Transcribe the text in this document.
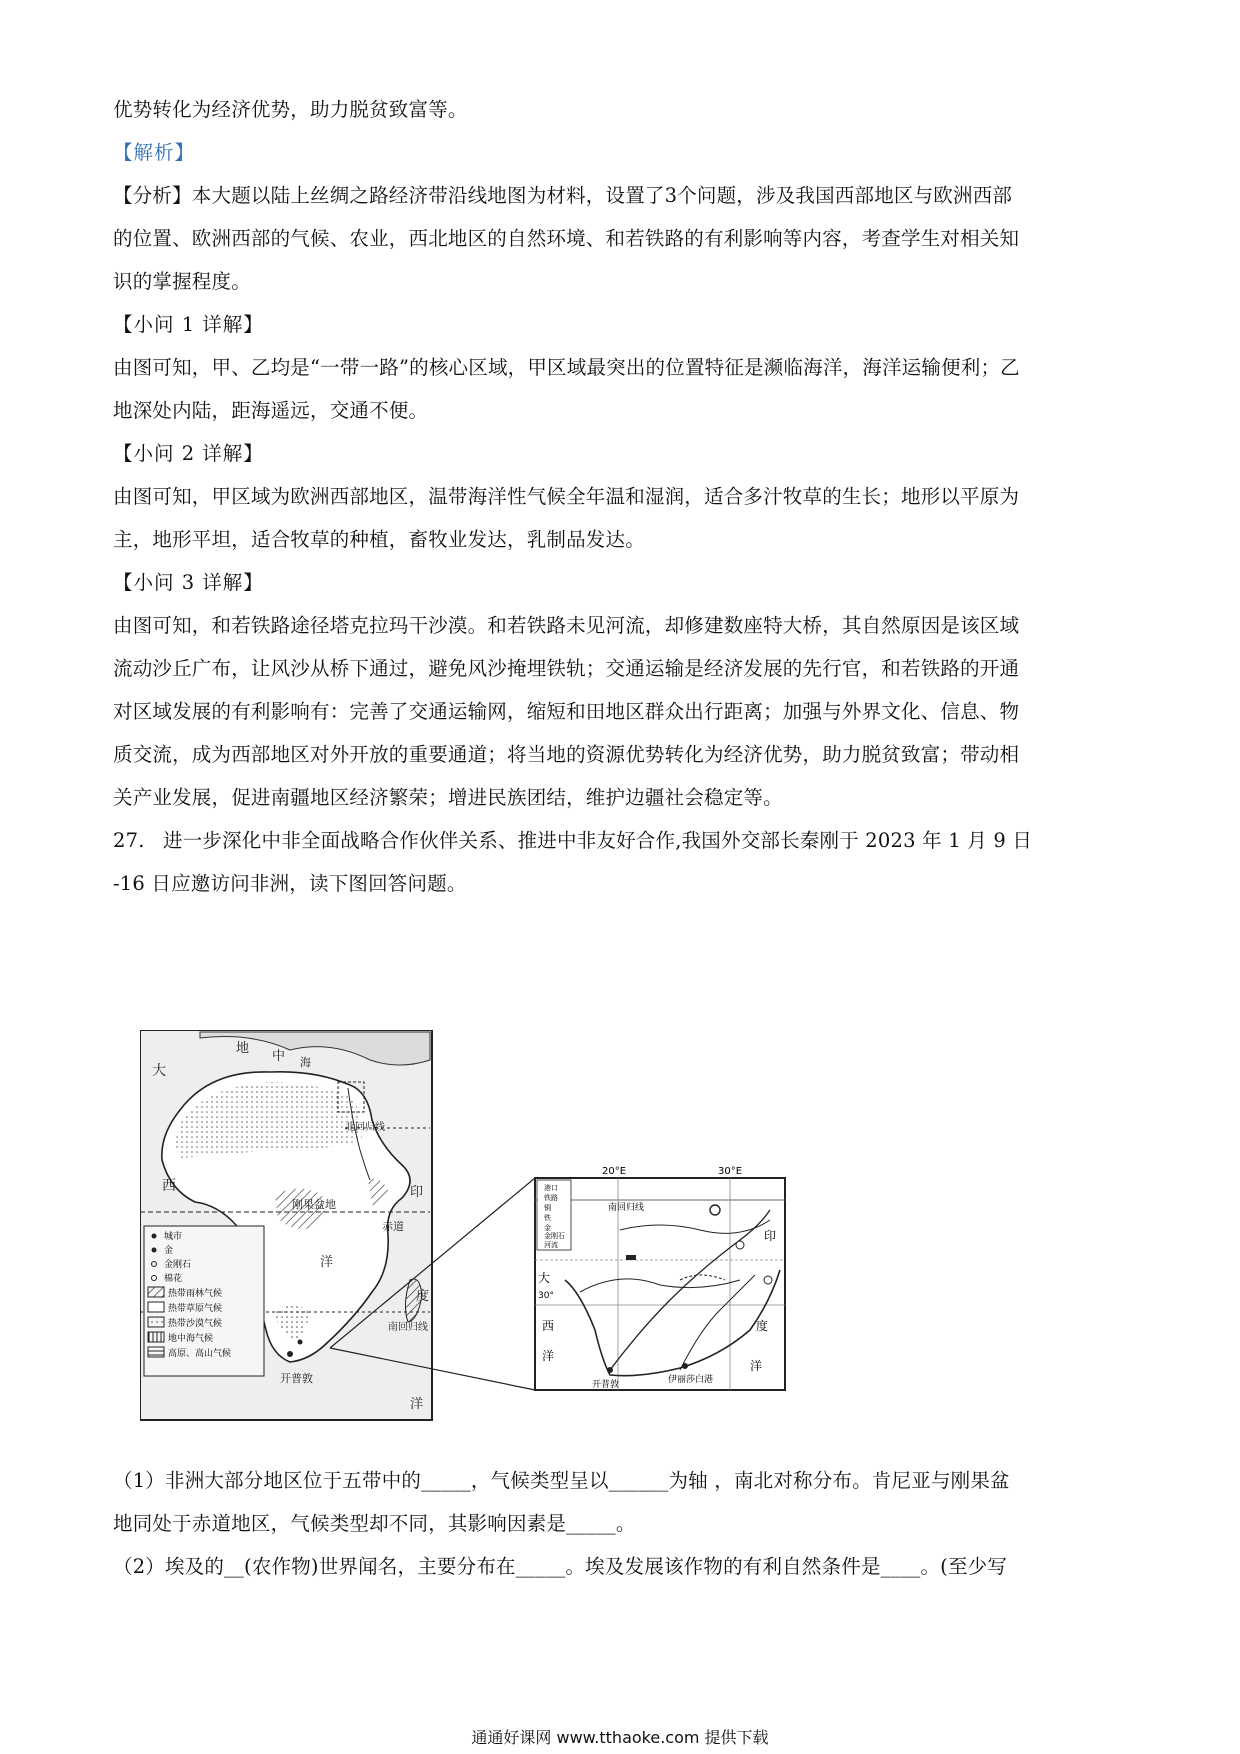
优势转化为经济优势，助力脱贫致富等。
【解析】
【分析】本大题以陆上丝绸之路经济带沿线地图为材料，设置了3个问题，涉及我国西部地区与欧洲西部
的位置、欧洲西部的气候、农业，西北地区的自然环境、和若铁路的有利影响等内容，考查学生对相关知
识的掌握程度。
【小问 1 详解】
由图可知，甲、乙均是“一带一路”的核心区域，甲区域最突出的位置特征是濒临海洋，海洋运输便利；乙
地深处内陆，距海遥远，交通不便。
【小问 2 详解】
由图可知，甲区域为欧洲西部地区，温带海洋性气候全年温和湿润，适合多汁牧草的生长；地形以平原为
主，地形平坦，适合牧草的种植，畜牧业发达，乳制品发达。
【小问 3 详解】
由图可知，和若铁路途径塔克拉玛干沙漠。和若铁路未见河流，却修建数座特大桥，其自然原因是该区域
流动沙丘广布，让风沙从桥下通过，避免风沙掩埋铁轨；交通运输是经济发展的先行官，和若铁路的开通
对区域发展的有利影响有：完善了交通运输网，缩短和田地区群众出行距离；加强与外界文化、信息、物
质交流，成为西部地区对外开放的重要通道；将当地的资源优势转化为经济优势，助力脱贫致富；带动相
关产业发展，促进南疆地区经济繁荣；增进民族团结，维护边疆社会稳定等。
27. 进一步深化中非全面战略合作伙伴关系、推进中非友好合作,我国外交部长秦刚于 2023 年 1 月 9 日
-16 日应邀访问非洲，读下图回答问题。
大
地
中 海
北回归线
西
刚果盆地
赤道
印
度
洋
南回归线
开普敦
洋
城市
金
金刚石
棉花
热带雨林气候
热带草原气候
热带沙漠气候
地中海气候
高原、高山气候
港口
铁路
铜
铁
金
金刚石
河流
20°E	30°E
南回归线
大
30°
西
洋
开普敦	伊丽莎白港
印
度
洋
（1）非洲大部分地区位于五带中的_____，气候类型呈以______为轴 ，南北对称分布。肯尼亚与刚果盆
地同处于赤道地区，气候类型却不同，其影响因素是_____。
（2）埃及的__(农作物)世界闻名，主要分布在_____。埃及发展该作物的有利自然条件是____。(至少写
通通好课网 www.tthaoke.com 提供下载
